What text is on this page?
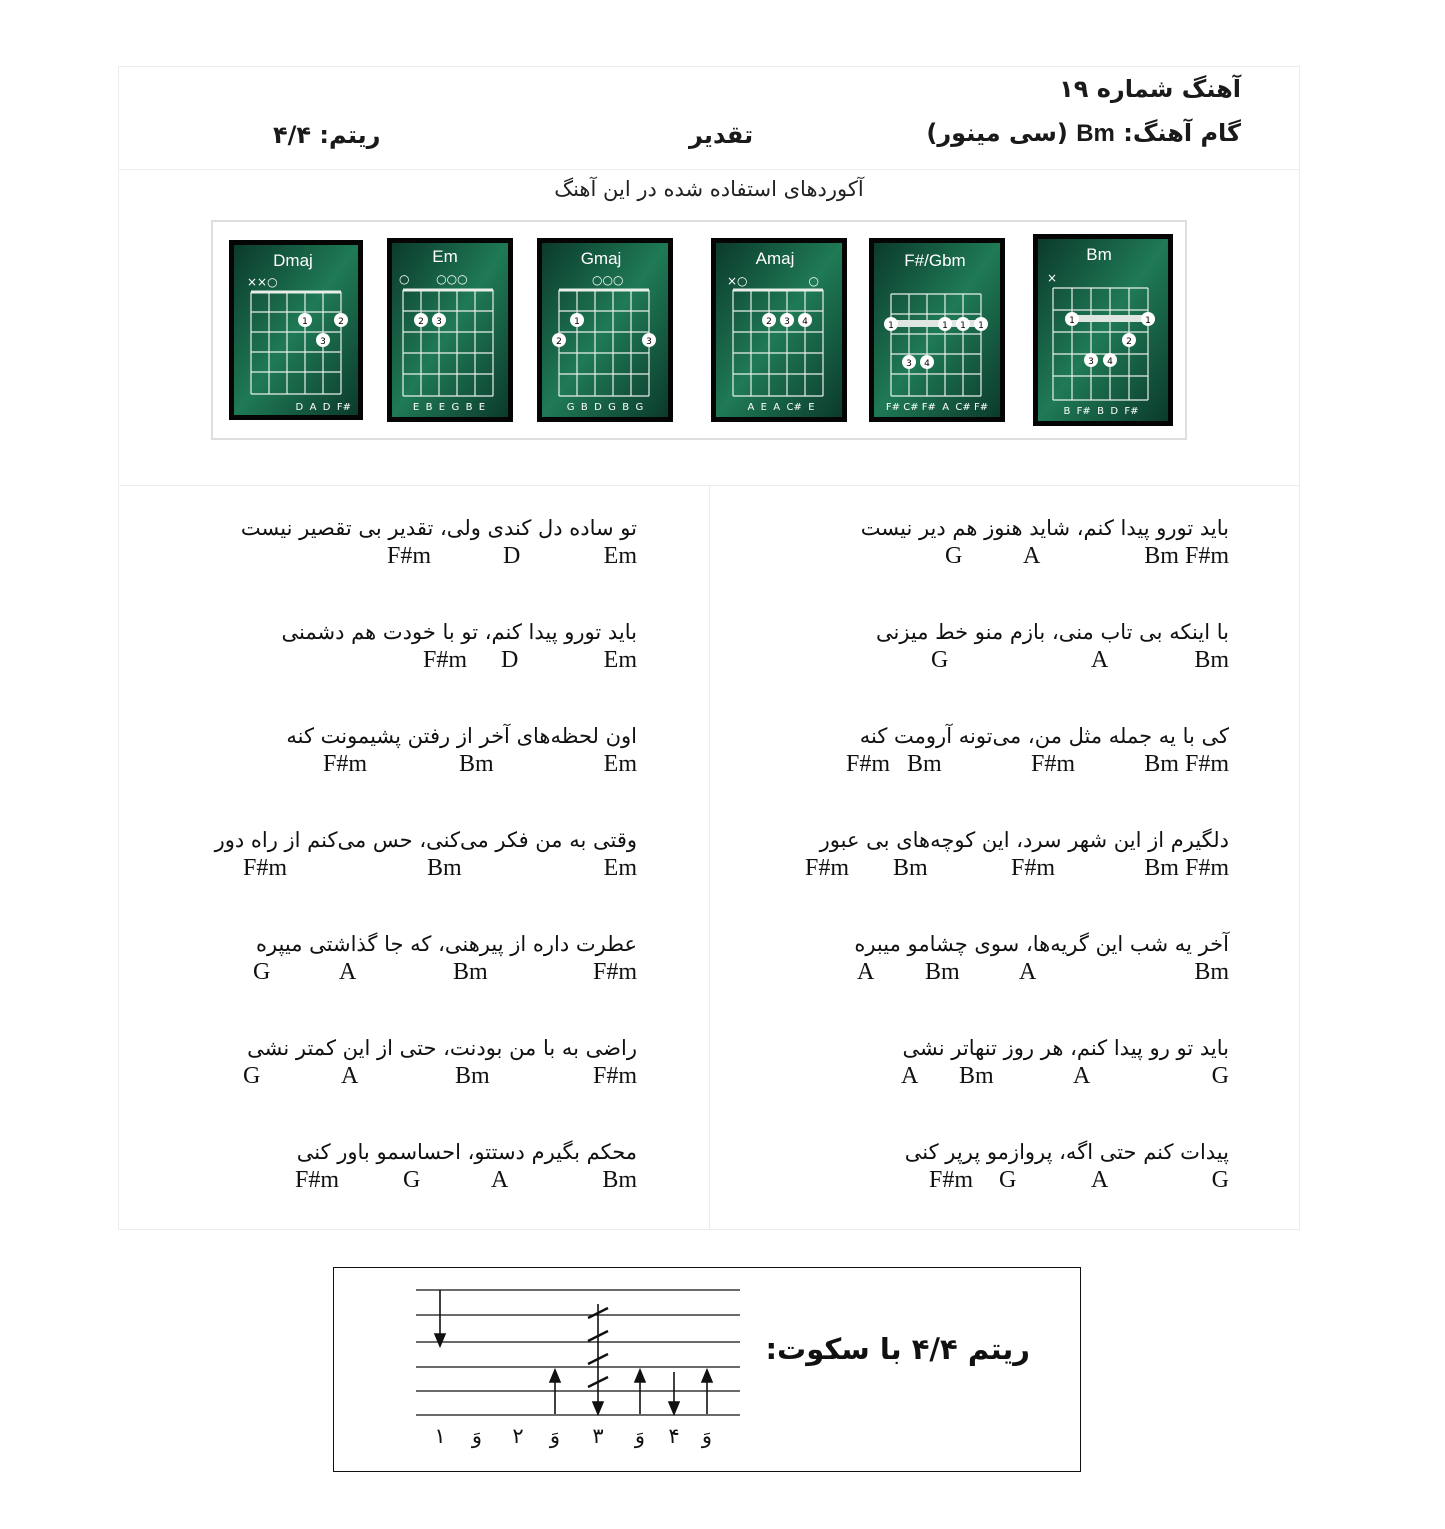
آهنگ شماره ۱۹
گام آهنگ: Bm (سی مینور)
تقدیر
ریتم: ۴/۴
آکوردهای استفاده شده در این آهنگ
Dmaj
××○
1	2
3
D  A  D  F#
Em
○       ○○○
2 3
E  B  E  G  B  E
Gmaj
○○○
1
2	3
G  B  D  G  B  G
Amaj
×○                ○
2 3 4
A  E  A  C#  E
F#/Gbm
1	1 1 1
3 4
F# C# F#  A  C# F#
Bm
×
1	1
2
3 4
B  F#  B  D  F#
باید تورو پیدا کنم، شاید هنوز هم دیر نیست
G	A	Bm F#m
با اینکه بی تاب منی، بازم منو خط میزنی
G	A	Bm
کی با یه جمله مثل من، می‌تونه آرومت کنه
F#m Bm	F#m	Bm F#m
دلگیرم از این شهر سرد، این کوچه‌های بی عبور
F#m Bm	F#m	Bm F#m
آخر یه شب این گریه‌ها، سوی چشامو میبره
A Bm A	Bm
باید تو رو پیدا کنم، هر روز تنهاتر نشی
A Bm	A	G
پیدات کنم حتی اگه، پروازمو پرپر کنی
F#m G	A	G
تو ساده دل کندی ولی، تقدیر بی تقصیر نیست
F#m	D	Em
باید تورو پیدا کنم، تو با خودت هم دشمنی
F#m D	Em
اون لحظه‌های آخر از رفتن پشیمونت کنه
F#m	Bm	Em
وقتی به من فکر می‌کنی، حس می‌کنم از راه دور
F#m	Bm	Em
عطرت داره از پیرهنی، که جا گذاشتی میپره
G	A	Bm	F#m
راضی به با من بودنت، حتی از این کمتر نشی
G	A	Bm	F#m
محکم بگیرم دستتو، احساسمو باور کنی
F#m	G	A	Bm
ریتم ۴/۴ با سکوت:
۱ وَ ۲ وَ ۳ وَ ۴ وَ
